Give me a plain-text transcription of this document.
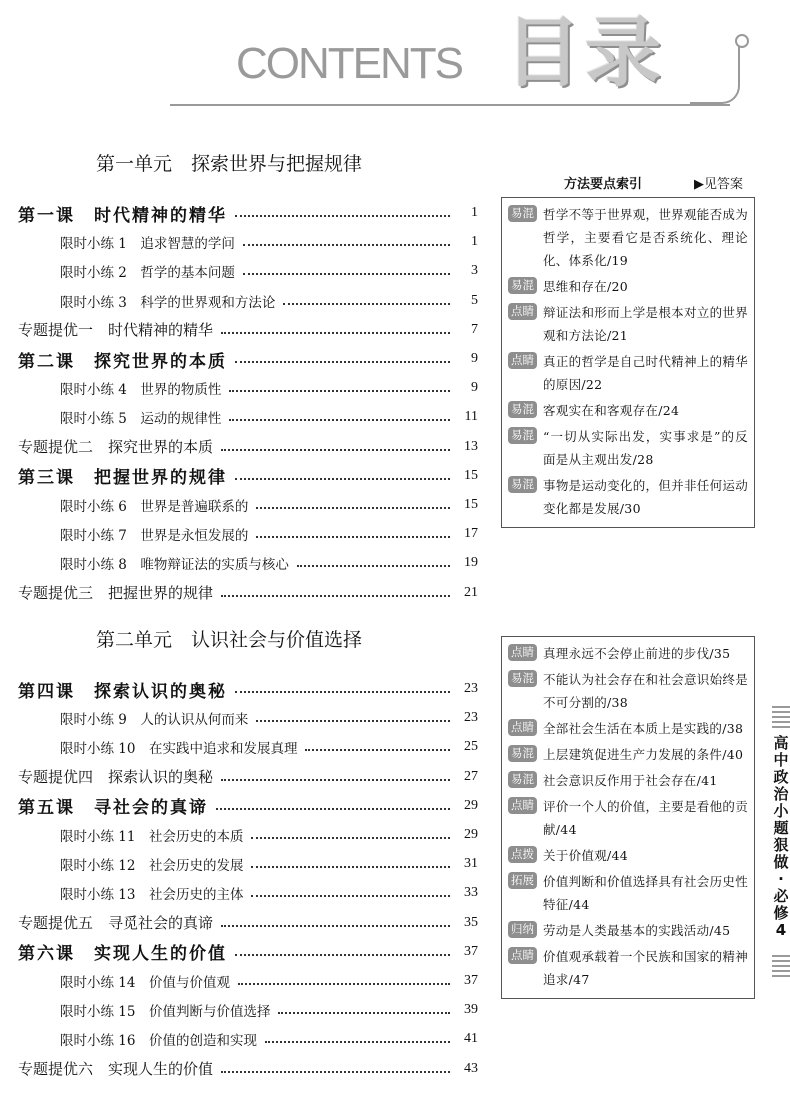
CONTENTS 目录
第一单元　探索世界与把握规律
第二单元　认识社会与价值选择
第一课　时代精神的精华	1
限时小练 1　追求智慧的学问	1
限时小练 2　哲学的基本问题	3
限时小练 3　科学的世界观和方法论	5
专题提优一　时代精神的精华	7
第二课　探究世界的本质	9
限时小练 4　世界的物质性	9
限时小练 5　运动的规律性	11
专题提优二　探究世界的本质	13
第三课　把握世界的规律	15
限时小练 6　世界是普遍联系的	15
限时小练 7　世界是永恒发展的	17
限时小练 8　唯物辩证法的实质与核心	19
专题提优三　把握世界的规律	21
第四课　探索认识的奥秘	23
限时小练 9　人的认识从何而来	23
限时小练 10　在实践中追求和发展真理	25
专题提优四　探索认识的奥秘	27
第五课　寻社会的真谛	29
限时小练 11　社会历史的本质	29
限时小练 12　社会历史的发展	31
限时小练 13　社会历史的主体	33
专题提优五　寻觅社会的真谛	35
第六课　实现人生的价值	37
限时小练 14　价值与价值观	37
限时小练 15　价值判断与价值选择	39
限时小练 16　价值的创造和实现	41
专题提优六　实现人生的价值	43
方法要点索引	▶见答案
易混 哲学不等于世界观，世界观能否成为哲学，主要看它是否系统化、理论化、体系化/19
易混 思维和存在/20
点睛 辩证法和形而上学是根本对立的世界观和方法论/21
点睛 真正的哲学是自己时代精神上的精华的原因/22
易混 客观实在和客观存在/24
易混 “一切从实际出发，实事求是”的反面是从主观出发/28
易混 事物是运动变化的，但并非任何运动变化都是发展/30
点睛 真理永远不会停止前进的步伐/35
易混 不能认为社会存在和社会意识始终是不可分割的/38
点睛 全部社会生活在本质上是实践的/38
易混 上层建筑促进生产力发展的条件/40
易混 社会意识反作用于社会存在/41
点睛 评价一个人的价值，主要是看他的贡献/44
点拨 关于价值观/44
拓展 价值判断和价值选择具有社会历史性特征/44
归纳 劳动是人类最基本的实践活动/45
点睛 价值观承载着一个民族和国家的精神追求/47
高中政治 小题狠做·必修4
